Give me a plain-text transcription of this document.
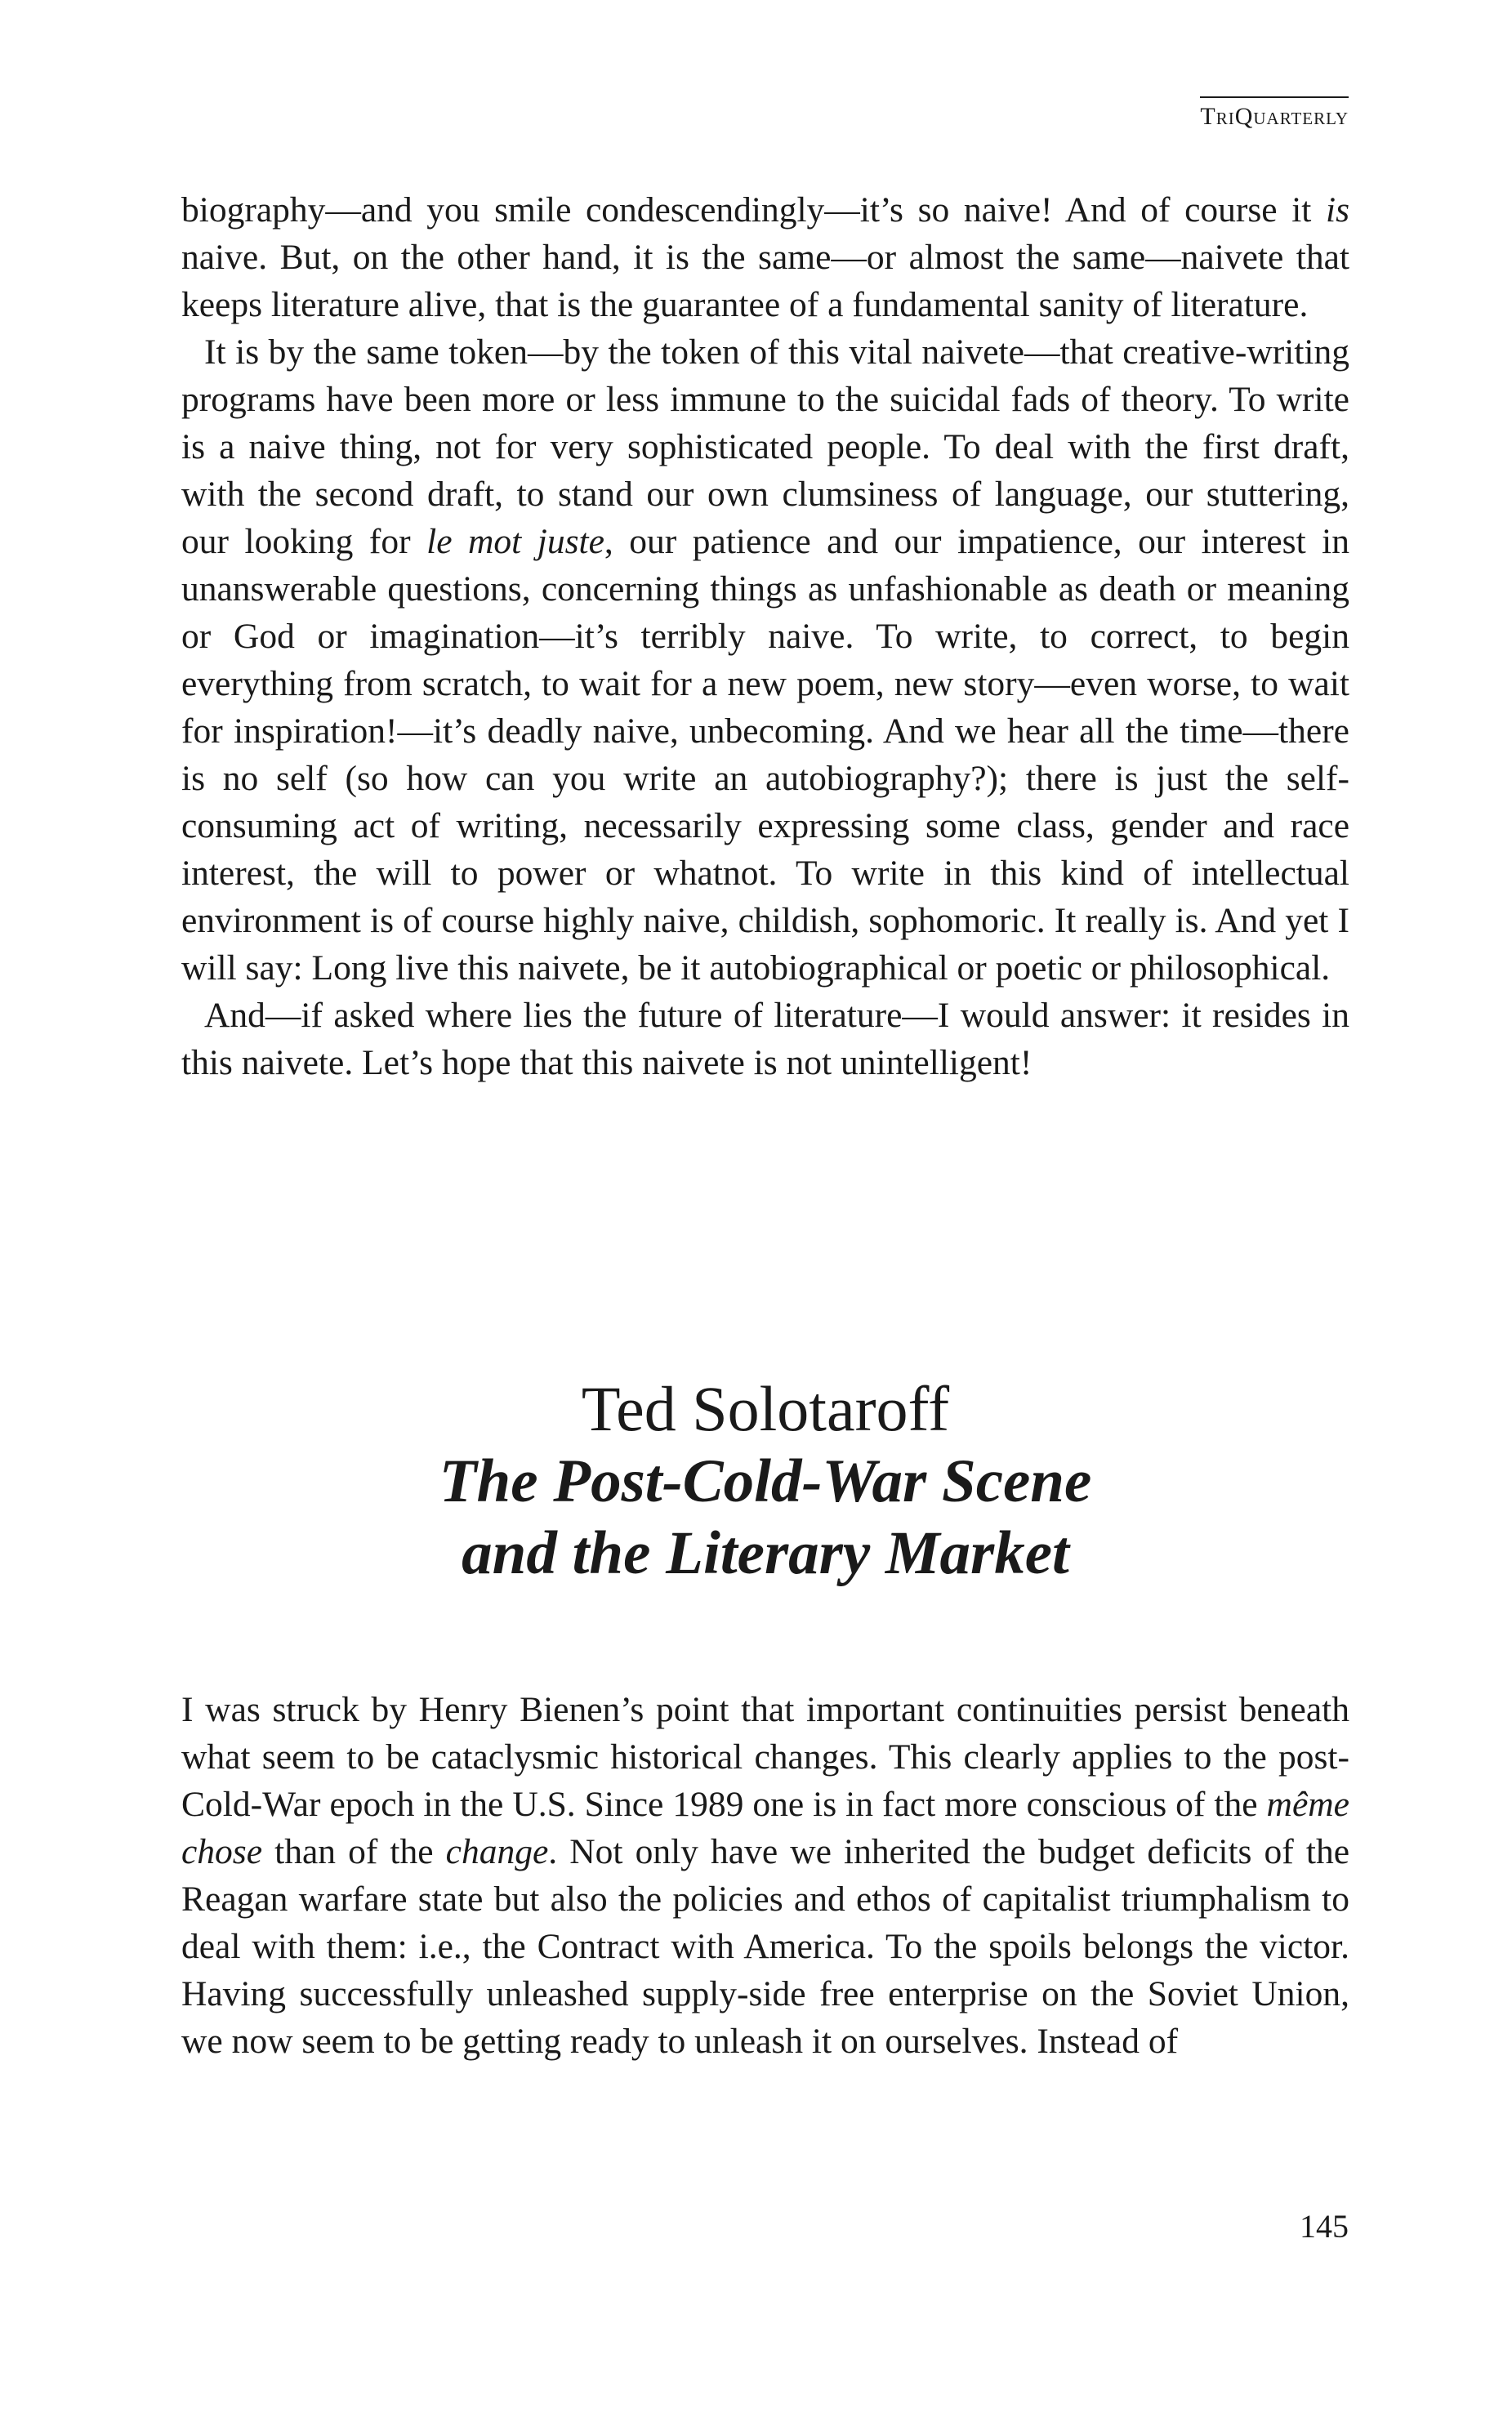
TriQuarterly

biography—and you smile condescendingly—it’s so naive! And of course it is naive. But, on the other hand, it is the same—or almost the same—naivete that keeps literature alive, that is the guarantee of a fundamental sanity of literature.

It is by the same token—by the token of this vital naivete—that creative-writing programs have been more or less immune to the suicidal fads of theory. To write is a naive thing, not for very sophisticated people. To deal with the first draft, with the second draft, to stand our own clumsiness of language, our stuttering, our looking for le mot juste, our patience and our impatience, our interest in unanswerable questions, concerning things as unfashionable as death or meaning or God or imagination—it’s terribly naive. To write, to correct, to begin everything from scratch, to wait for a new poem, new story—even worse, to wait for inspiration!—it’s deadly naive, unbecoming. And we hear all the time—there is no self (so how can you write an autobiography?); there is just the self-consuming act of writing, necessarily expressing some class, gender and race interest, the will to power or whatnot. To write in this kind of intellectual environment is of course highly naive, childish, sophomoric. It really is. And yet I will say: Long live this naivete, be it autobiographical or poetic or philosophical.

And—if asked where lies the future of literature—I would answer: it resides in this naivete. Let’s hope that this naivete is not unintelligent!

Ted Solotaroff
The Post-Cold-War Scene
and the Literary Market

I was struck by Henry Bienen’s point that important continuities persist beneath what seem to be cataclysmic historical changes. This clearly applies to the post-Cold-War epoch in the U.S. Since 1989 one is in fact more conscious of the même chose than of the change. Not only have we inherited the budget deficits of the Reagan warfare state but also the policies and ethos of capitalist triumphalism to deal with them: i.e., the Contract with America. To the spoils belongs the victor. Having successfully unleashed supply-side free enterprise on the Soviet Union, we now seem to be getting ready to unleash it on ourselves. Instead of

145
